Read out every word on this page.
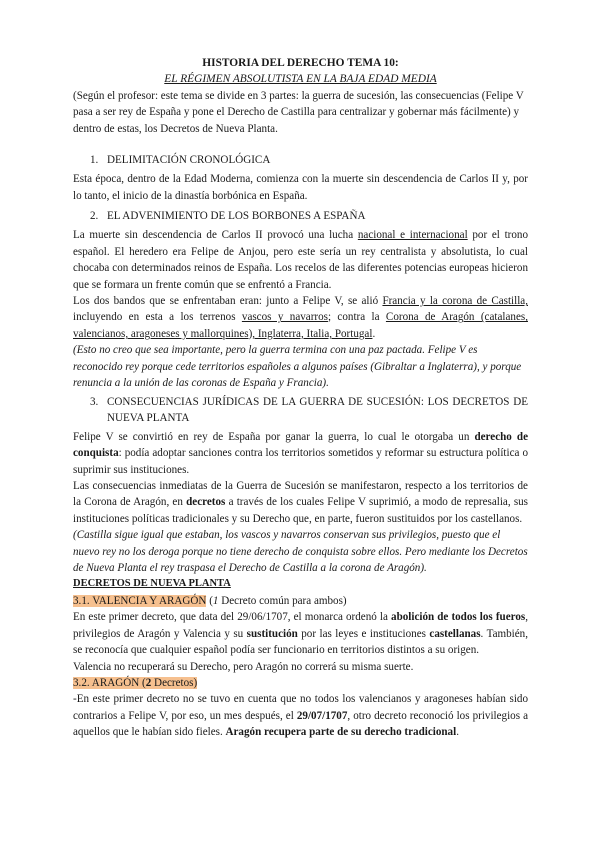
HISTORIA DEL DERECHO TEMA 10:
EL RÉGIMEN ABSOLUTISTA EN LA BAJA EDAD MEDIA

(Según el profesor: este tema se divide en 3 partes: la guerra de sucesión, las consecuencias (Felipe V pasa a ser rey de España y pone el Derecho de Castilla para centralizar y gobernar más fácilmente) y dentro de estas, los Decretos de Nueva Planta.

1. DELIMITACIÓN CRONOLÓGICA

Esta época, dentro de la Edad Moderna, comienza con la muerte sin descendencia de Carlos II y, por lo tanto, el inicio de la dinastía borbónica en España.

2. EL ADVENIMIENTO DE LOS BORBONES A ESPAÑA

La muerte sin descendencia de Carlos II provocó una lucha nacional e internacional por el trono español. El heredero era Felipe de Anjou, pero este sería un rey centralista y absolutista, lo cual chocaba con determinados reinos de España. Los recelos de las diferentes potencias europeas hicieron que se formara un frente común que se enfrentó a Francia.

Los dos bandos que se enfrentaban eran: junto a Felipe V, se alió Francia y la corona de Castilla, incluyendo en esta a los terrenos vascos y navarros; contra la Corona de Aragón (catalanes, valencianos, aragoneses y mallorquines), Inglaterra, Italia, Portugal.

(Esto no creo que sea importante, pero la guerra termina con una paz pactada. Felipe V es reconocido rey porque cede territorios españoles a algunos países (Gibraltar a Inglaterra), y porque renuncia a la unión de las coronas de España y Francia).

3. CONSECUENCIAS JURÍDICAS DE LA GUERRA DE SUCESIÓN: LOS DECRETOS DE NUEVA PLANTA

Felipe V se convirtió en rey de España por ganar la guerra, lo cual le otorgaba un derecho de conquista: podía adoptar sanciones contra los territorios sometidos y reformar su estructura política o suprimir sus instituciones.

Las consecuencias inmediatas de la Guerra de Sucesión se manifestaron, respecto a los territorios de la Corona de Aragón, en decretos a través de los cuales Felipe V suprimió, a modo de represalia, sus instituciones políticas tradicionales y su Derecho que, en parte, fueron sustituidos por los castellanos.

(Castilla sigue igual que estaban, los vascos y navarros conservan sus privilegios, puesto que el nuevo rey no los deroga porque no tiene derecho de conquista sobre ellos. Pero mediante los Decretos de Nueva Planta el rey traspasa el Derecho de Castilla a la corona de Aragón).

DECRETOS DE NUEVA PLANTA

3.1. VALENCIA Y ARAGÓN (1 Decreto común para ambos)

En este primer decreto, que data del 29/06/1707, el monarca ordenó la abolición de todos los fueros, privilegios de Aragón y Valencia y su sustitución por las leyes e instituciones castellanas. También, se reconocía que cualquier español podía ser funcionario en territorios distintos a su origen.

Valencia no recuperará su Derecho, pero Aragón no correrá su misma suerte.

3.2. ARAGÓN (2 Decretos)

-En este primer decreto no se tuvo en cuenta que no todos los valencianos y aragoneses habían sido contrarios a Felipe V, por eso, un mes después, el 29/07/1707, otro decreto reconoció los privilegios a aquellos que le habían sido fieles. Aragón recupera parte de su derecho tradicional.
